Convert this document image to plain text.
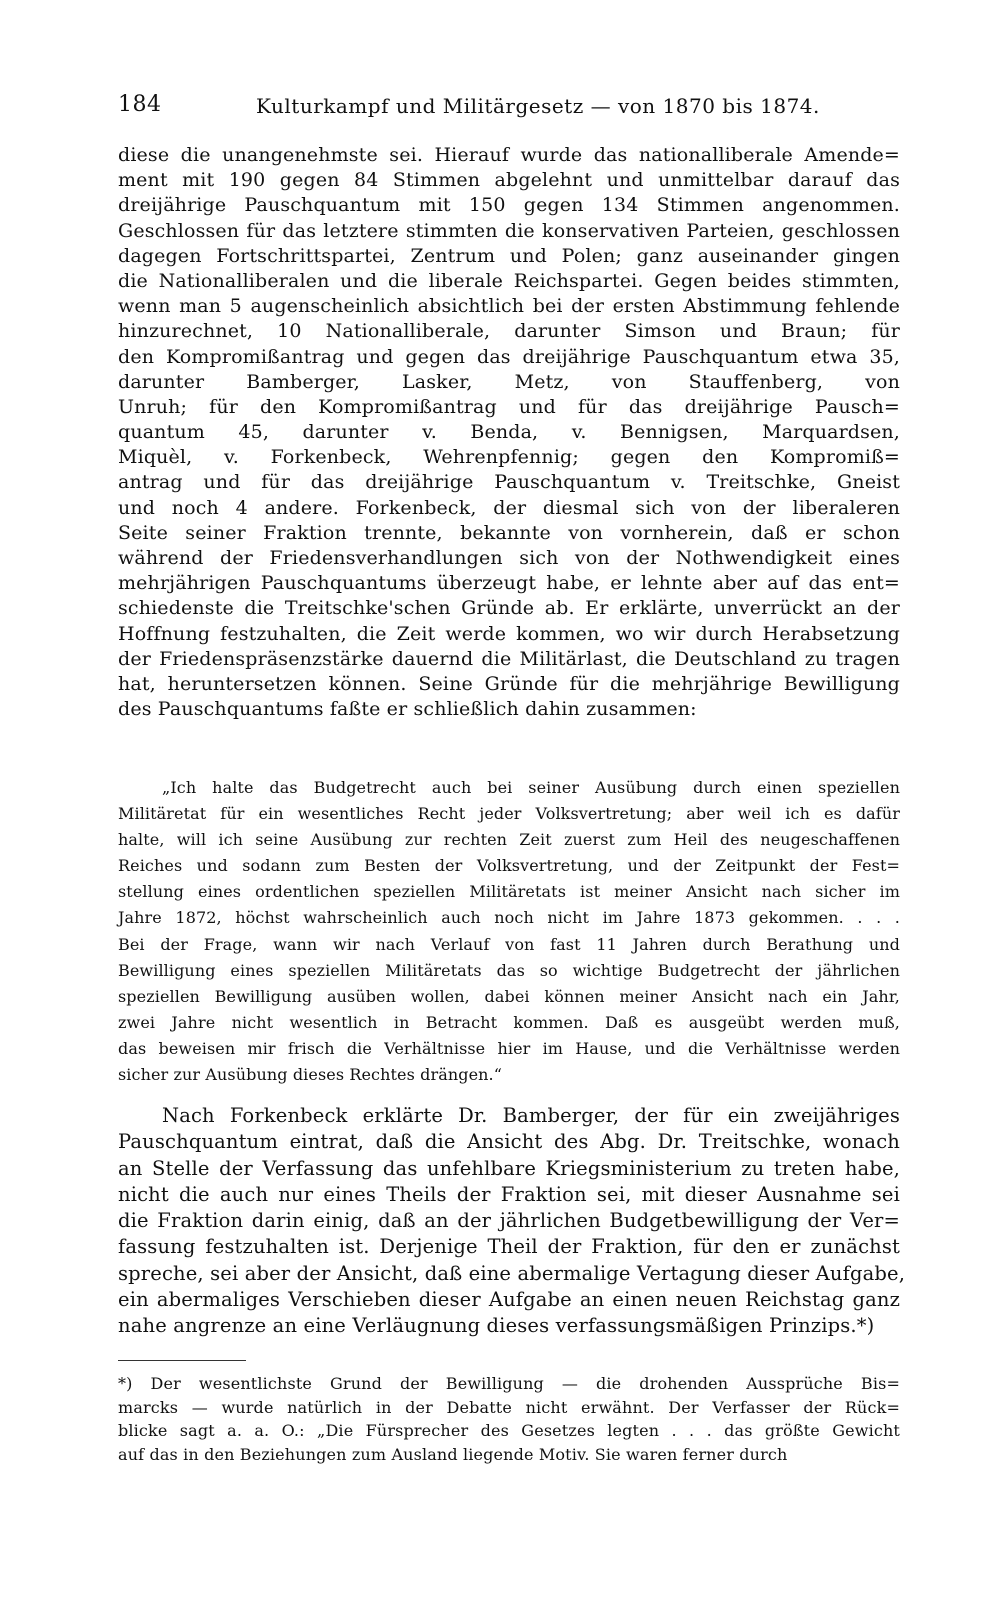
184	Kulturkampf und Militärgesetz — von 1870 bis 1874.
diese die unangenehmste sei. Hierauf wurde das nationalliberale Amende=
ment mit 190 gegen 84 Stimmen abgelehnt und unmittelbar darauf das
dreijährige Pauschquantum mit 150 gegen 134 Stimmen angenommen.
Geschlossen für das letztere stimmten die konservativen Parteien, geschlossen
dagegen Fortschrittspartei, Zentrum und Polen; ganz auseinander gingen
die Nationalliberalen und die liberale Reichspartei. Gegen beides stimmten,
wenn man 5 augenscheinlich absichtlich bei der ersten Abstimmung fehlende
hinzurechnet, 10 Nationalliberale, darunter Simson und Braun; für
den Kompromißantrag und gegen das dreijährige Pauschquantum etwa 35,
darunter Bamberger, Lasker, Metz, von Stauffenberg, von
Unruh; für den Kompromißantrag und für das dreijährige Pausch=
quantum 45, darunter v. Benda, v. Bennigsen, Marquardsen,
Miquèl, v. Forkenbeck, Wehrenpfennig; gegen den Kompromiß=
antrag und für das dreijährige Pauschquantum v. Treitschke, Gneist
und noch 4 andere. Forkenbeck, der diesmal sich von der liberaleren
Seite seiner Fraktion trennte, bekannte von vornherein, daß er schon
während der Friedensverhandlungen sich von der Nothwendigkeit eines
mehrjährigen Pauschquantums überzeugt habe, er lehnte aber auf das ent=
schiedenste die Treitschke'schen Gründe ab. Er erklärte, unverrückt an der
Hoffnung festzuhalten, die Zeit werde kommen, wo wir durch Herabsetzung
der Friedenspräsenzstärke dauernd die Militärlast, die Deutschland zu tragen
hat, heruntersetzen können. Seine Gründe für die mehrjährige Bewilligung
des Pauschquantums faßte er schließlich dahin zusammen:
„Ich halte das Budgetrecht auch bei seiner Ausübung durch einen speziellen
Militäretat für ein wesentliches Recht jeder Volksvertretung; aber weil ich es dafür
halte, will ich seine Ausübung zur rechten Zeit zuerst zum Heil des neugeschaffenen
Reiches und sodann zum Besten der Volksvertretung, und der Zeitpunkt der Fest=
stellung eines ordentlichen speziellen Militäretats ist meiner Ansicht nach sicher im
Jahre 1872, höchst wahrscheinlich auch noch nicht im Jahre 1873 gekommen. . . .
Bei der Frage, wann wir nach Verlauf von fast 11 Jahren durch Berathung und
Bewilligung eines speziellen Militäretats das so wichtige Budgetrecht der jährlichen
speziellen Bewilligung ausüben wollen, dabei können meiner Ansicht nach ein Jahr,
zwei Jahre nicht wesentlich in Betracht kommen. Daß es ausgeübt werden muß,
das beweisen mir frisch die Verhältnisse hier im Hause, und die Verhältnisse werden
sicher zur Ausübung dieses Rechtes drängen.“
Nach Forkenbeck erklärte Dr. Bamberger, der für ein zweijähriges
Pauschquantum eintrat, daß die Ansicht des Abg. Dr. Treitschke, wonach
an Stelle der Verfassung das unfehlbare Kriegsministerium zu treten habe,
nicht die auch nur eines Theils der Fraktion sei, mit dieser Ausnahme sei
die Fraktion darin einig, daß an der jährlichen Budgetbewilligung der Ver=
fassung festzuhalten ist. Derjenige Theil der Fraktion, für den er zunächst
spreche, sei aber der Ansicht, daß eine abermalige Vertagung dieser Aufgabe,
ein abermaliges Verschieben dieser Aufgabe an einen neuen Reichstag ganz
nahe angrenze an eine Verläugnung dieses verfassungsmäßigen Prinzips.*)
*) Der wesentlichste Grund der Bewilligung — die drohenden Aussprüche Bis=
marcks — wurde natürlich in der Debatte nicht erwähnt. Der Verfasser der Rück=
blicke sagt a. a. O.: „Die Fürsprecher des Gesetzes legten . . . das größte Gewicht
auf das in den Beziehungen zum Ausland liegende Motiv. Sie waren ferner durch
